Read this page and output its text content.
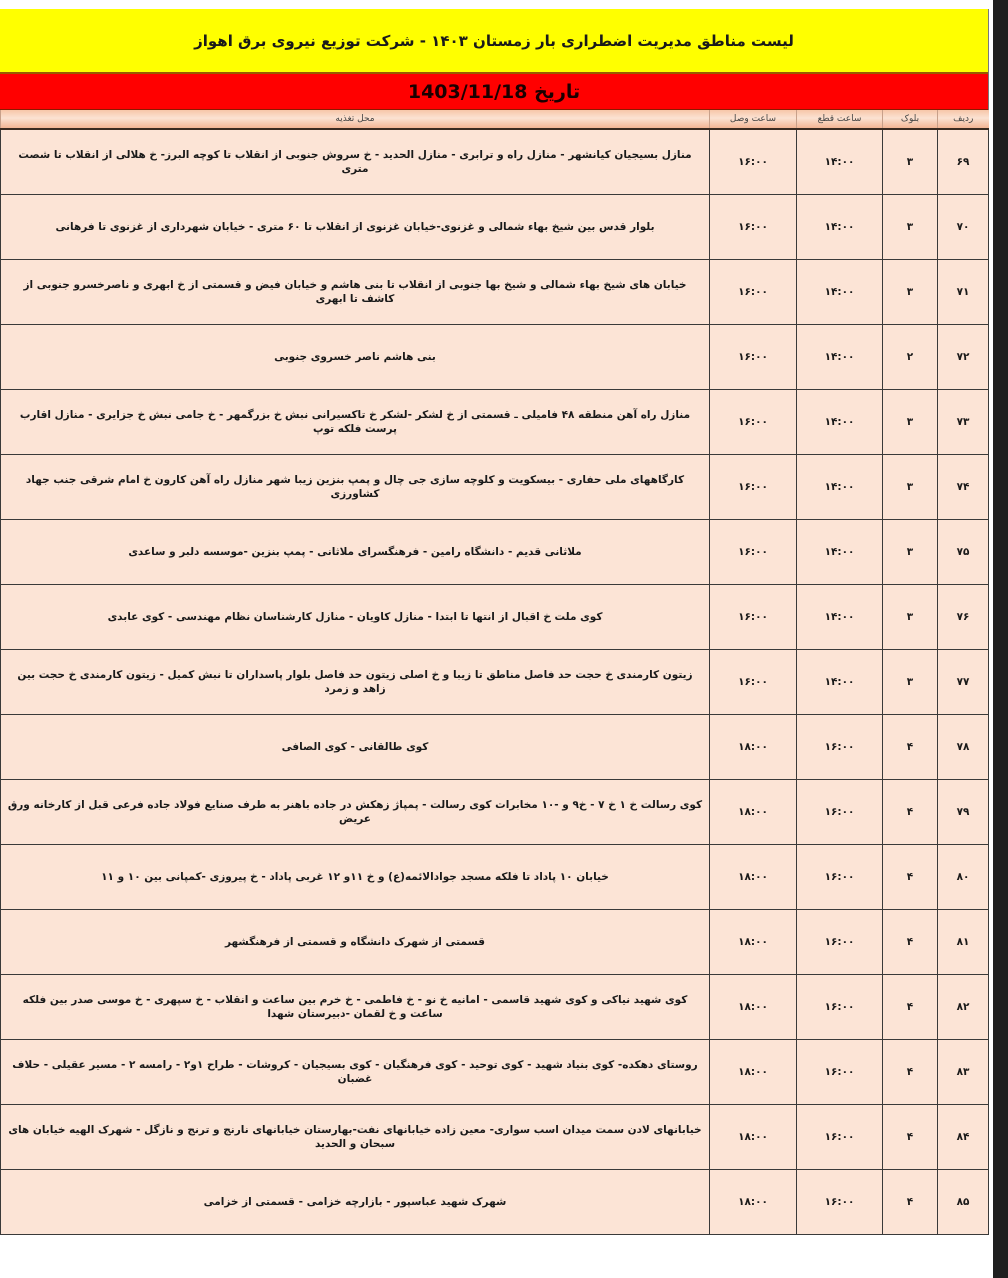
لیست مناطق مدیریت اضطراری بار زمستان ۱۴۰۳ - شرکت توزیع نیروی برق اهواز
تاریخ 1403/11/18
ردیف	بلوک	ساعت قطع	ساعت وصل	محل تغذیه
۶۹	۳	۱۴:۰۰	۱۶:۰۰	منازل بسیجیان کیانشهر - منازل راه و ترابری - منازل الحدید - خ سروش جنوبی از انقلاب تا کوچه البرز- خ هلالی از انقلاب تا شصت متری
۷۰	۳	۱۴:۰۰	۱۶:۰۰	بلوار قدس بین شیخ بهاء شمالی و غزنوی-خیابان غزنوی از انقلاب تا ۶۰ متری - خیابان شهرداری از غزنوی تا فرهانی
۷۱	۳	۱۴:۰۰	۱۶:۰۰	خیابان های شیخ بهاء شمالی و شیخ بها جنوبی از انقلاب تا بنی هاشم و خیابان فیض و قسمتی از خ ابهری و ناصرخسرو جنوبی از کاشف تا ابهری
۷۲	۲	۱۴:۰۰	۱۶:۰۰	بنی هاشم ناصر خسروی جنوبی
۷۳	۳	۱۴:۰۰	۱۶:۰۰	منازل راه آهن منطقه ۴۸ فامیلی ـ قسمتی از خ لشکر -لشکر خ تاکسیرانی نبش خ بزرگمهر - خ جامی نبش خ جزایری - منازل اقارب پرست فلکه توپ
۷۴	۳	۱۴:۰۰	۱۶:۰۰	کارگاههای ملی حفاری - بیسکویت و کلوچه سازی جی چال و پمپ بنزین زیبا شهر منازل راه آهن کارون خ امام شرقی جنب جهاد کشاورزی
۷۵	۳	۱۴:۰۰	۱۶:۰۰	ملاثانی قدیم - دانشگاه رامین - فرهنگسرای ملاثانی - پمپ بنزین -موسسه دلبر و ساعدی
۷۶	۳	۱۴:۰۰	۱۶:۰۰	کوی ملت خ اقبال از انتها تا ابتدا - منازل کاویان - منازل کارشناسان نظام مهندسی - کوی عابدی
۷۷	۳	۱۴:۰۰	۱۶:۰۰	زیتون کارمندی خ حجت حد فاصل مناطق تا زیبا و خ اصلی زیتون حد فاصل بلوار پاسداران تا نبش کمیل - زیتون کارمندی خ حجت بین زاهد و زمرد
۷۸	۴	۱۶:۰۰	۱۸:۰۰	کوی طالقانی - کوی الصافی
۷۹	۴	۱۶:۰۰	۱۸:۰۰	کوی رسالت خ ۱ خ ۷ - خ۹ و -۱۰ مخابرات کوی رسالت - پمپاژ زهکش در جاده باهنر به طرف صنایع فولاد جاده فرعی قبل از کارخانه ورق عریض
۸۰	۴	۱۶:۰۰	۱۸:۰۰	خیابان ۱۰ پاداد تا فلکه مسجد جوادالائمه(ع) و خ ۱۱و ۱۲ غربی پاداد - خ پیروزی -کمپانی بین ۱۰ و ۱۱
۸۱	۴	۱۶:۰۰	۱۸:۰۰	قسمتی از شهرک دانشگاه و قسمتی از فرهنگشهر
۸۲	۴	۱۶:۰۰	۱۸:۰۰	کوی شهید نیاکی و کوی شهید قاسمی - امانیه خ نو - خ فاطمی - خ خرم بین ساعت و انقلاب - خ سپهری - خ موسی صدر بین فلکه ساعت و خ لقمان -دبیرستان شهدا
۸۳	۴	۱۶:۰۰	۱۸:۰۰	روستای دهکده- کوی بنیاد شهید - کوی توحید - کوی فرهنگیان - کوی بسیجیان - کروشات - طراح ۱و۲ - رامسه ۲ - مسیر عقیلی - حلاف غضبان
۸۴	۴	۱۶:۰۰	۱۸:۰۰	خیابانهای لادن سمت میدان اسب سواری- معین زاده خیابانهای نفت-بهارستان خیابانهای نارنج و ترنج و نازگل - شهرک الهیه خیابان های سبحان و الحدید
۸۵	۴	۱۶:۰۰	۱۸:۰۰	شهرک شهید عباسپور - بازارچه خزامی - قسمتی از خزامی
